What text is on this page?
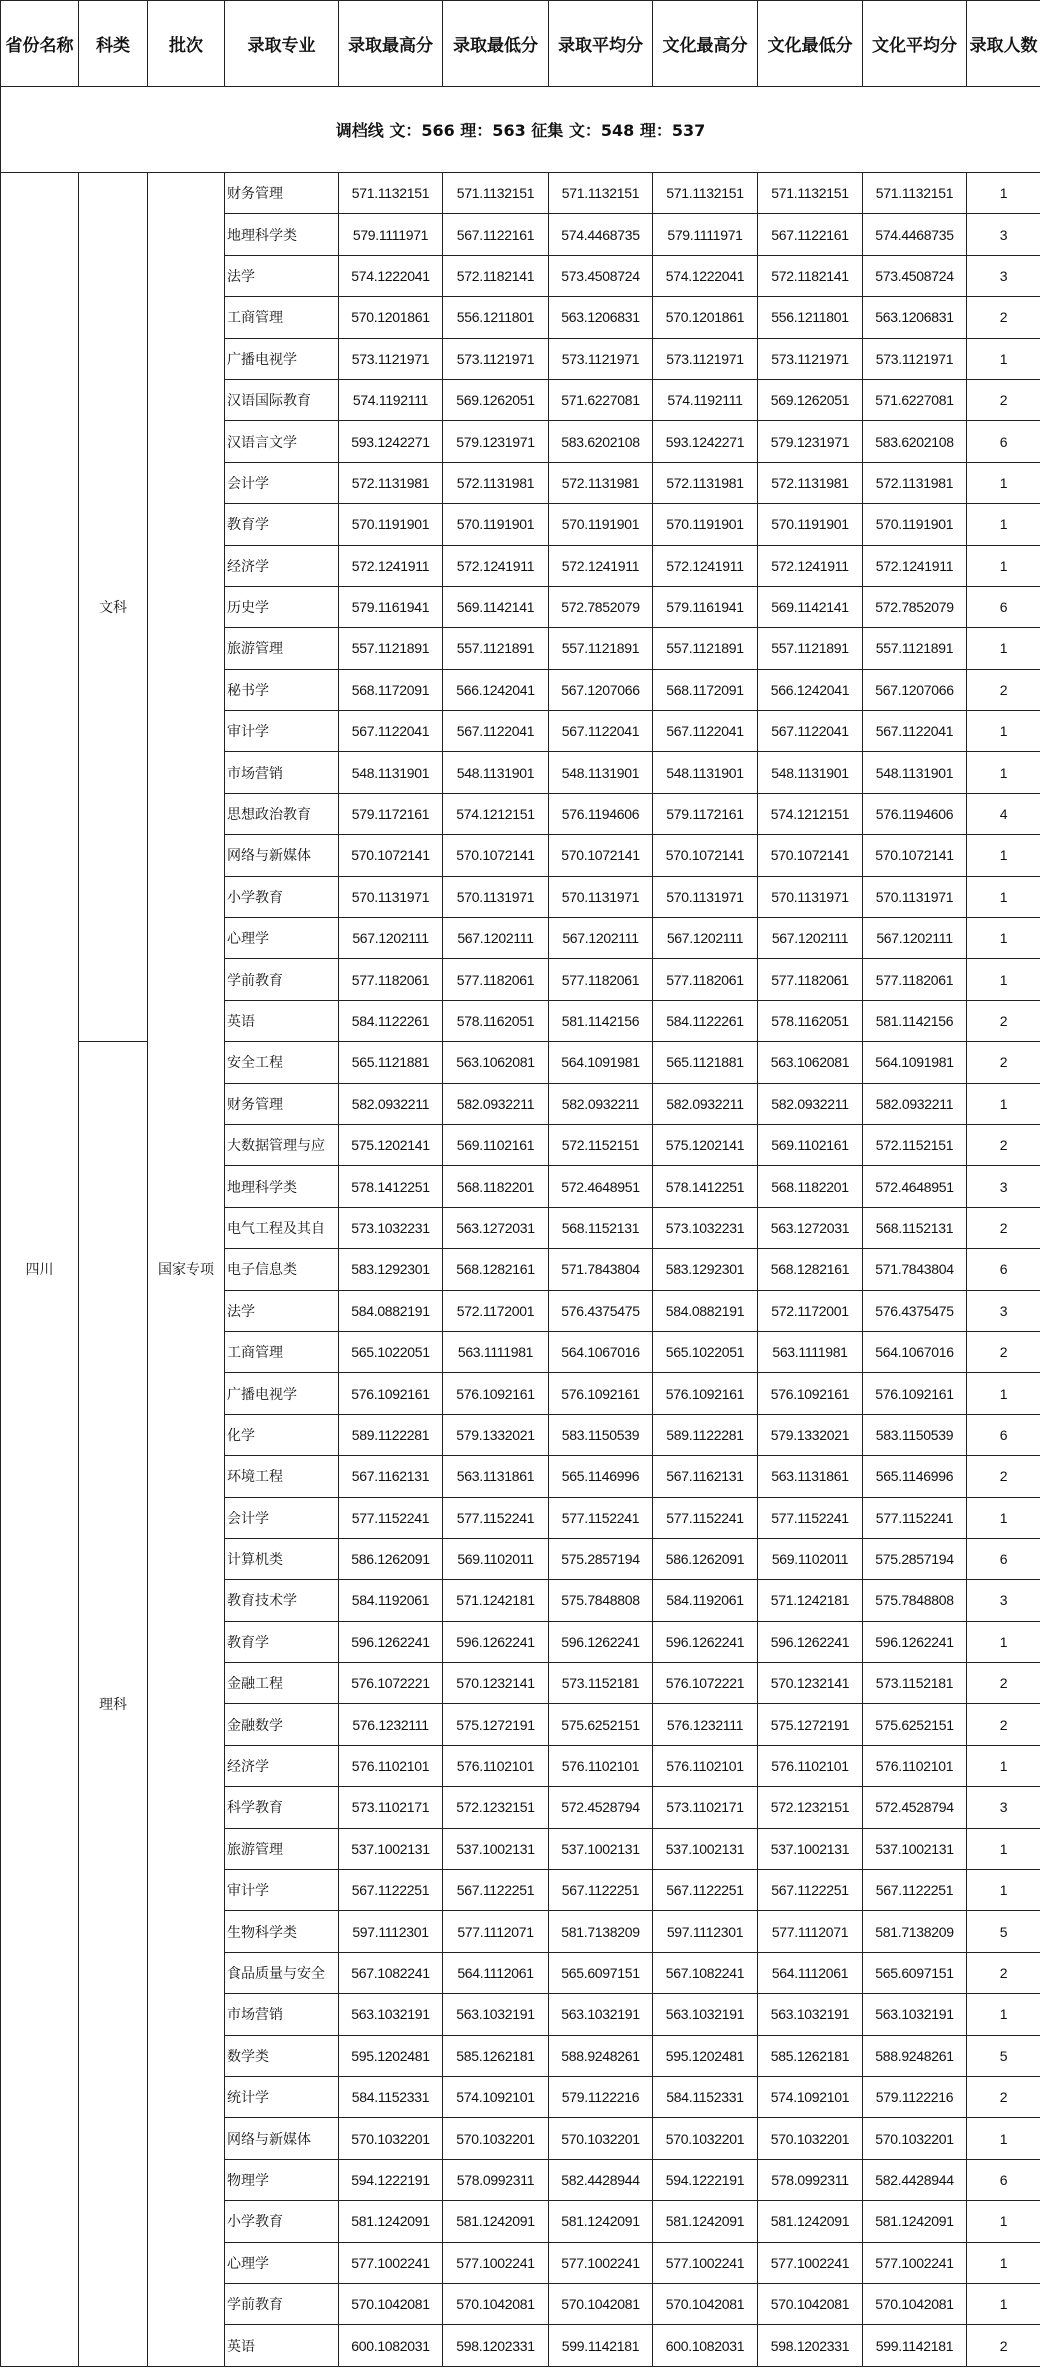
省份名称	科类	批次	录取专业	录取最高分	录取最低分	录取平均分	文化最高分	文化最低分	文化平均分	录取人数
调档线 文：566 理：563 征集 文：548 理：537										
四川	文科	国家专项	财务管理	571.1132151	571.1132151	571.1132151	571.1132151	571.1132151	571.1132151	1
			地理科学类	579.1111971	567.1122161	574.4468735	579.1111971	567.1122161	574.4468735	3
			法学	574.1222041	572.1182141	573.4508724	574.1222041	572.1182141	573.4508724	3
			工商管理	570.1201861	556.1211801	563.1206831	570.1201861	556.1211801	563.1206831	2
			广播电视学	573.1121971	573.1121971	573.1121971	573.1121971	573.1121971	573.1121971	1
			汉语国际教育	574.1192111	569.1262051	571.6227081	574.1192111	569.1262051	571.6227081	2
			汉语言文学	593.1242271	579.1231971	583.6202108	593.1242271	579.1231971	583.6202108	6
			会计学	572.1131981	572.1131981	572.1131981	572.1131981	572.1131981	572.1131981	1
			教育学	570.1191901	570.1191901	570.1191901	570.1191901	570.1191901	570.1191901	1
			经济学	572.1241911	572.1241911	572.1241911	572.1241911	572.1241911	572.1241911	1
			历史学	579.1161941	569.1142141	572.7852079	579.1161941	569.1142141	572.7852079	6
			旅游管理	557.1121891	557.1121891	557.1121891	557.1121891	557.1121891	557.1121891	1
			秘书学	568.1172091	566.1242041	567.1207066	568.1172091	566.1242041	567.1207066	2
			审计学	567.1122041	567.1122041	567.1122041	567.1122041	567.1122041	567.1122041	1
			市场营销	548.1131901	548.1131901	548.1131901	548.1131901	548.1131901	548.1131901	1
			思想政治教育	579.1172161	574.1212151	576.1194606	579.1172161	574.1212151	576.1194606	4
			网络与新媒体	570.1072141	570.1072141	570.1072141	570.1072141	570.1072141	570.1072141	1
			小学教育	570.1131971	570.1131971	570.1131971	570.1131971	570.1131971	570.1131971	1
			心理学	567.1202111	567.1202111	567.1202111	567.1202111	567.1202111	567.1202111	1
			学前教育	577.1182061	577.1182061	577.1182061	577.1182061	577.1182061	577.1182061	1
			英语	584.1122261	578.1162051	581.1142156	584.1122261	578.1162051	581.1142156	2
	理科		安全工程	565.1121881	563.1062081	564.1091981	565.1121881	563.1062081	564.1091981	2
			财务管理	582.0932211	582.0932211	582.0932211	582.0932211	582.0932211	582.0932211	1
			大数据管理与应	575.1202141	569.1102161	572.1152151	575.1202141	569.1102161	572.1152151	2
			地理科学类	578.1412251	568.1182201	572.4648951	578.1412251	568.1182201	572.4648951	3
			电气工程及其自	573.1032231	563.1272031	568.1152131	573.1032231	563.1272031	568.1152131	2
			电子信息类	583.1292301	568.1282161	571.7843804	583.1292301	568.1282161	571.7843804	6
			法学	584.0882191	572.1172001	576.4375475	584.0882191	572.1172001	576.4375475	3
			工商管理	565.1022051	563.1111981	564.1067016	565.1022051	563.1111981	564.1067016	2
			广播电视学	576.1092161	576.1092161	576.1092161	576.1092161	576.1092161	576.1092161	1
			化学	589.1122281	579.1332021	583.1150539	589.1122281	579.1332021	583.1150539	6
			环境工程	567.1162131	563.1131861	565.1146996	567.1162131	563.1131861	565.1146996	2
			会计学	577.1152241	577.1152241	577.1152241	577.1152241	577.1152241	577.1152241	1
			计算机类	586.1262091	569.1102011	575.2857194	586.1262091	569.1102011	575.2857194	6
			教育技术学	584.1192061	571.1242181	575.7848808	584.1192061	571.1242181	575.7848808	3
			教育学	596.1262241	596.1262241	596.1262241	596.1262241	596.1262241	596.1262241	1
			金融工程	576.1072221	570.1232141	573.1152181	576.1072221	570.1232141	573.1152181	2
			金融数学	576.1232111	575.1272191	575.6252151	576.1232111	575.1272191	575.6252151	2
			经济学	576.1102101	576.1102101	576.1102101	576.1102101	576.1102101	576.1102101	1
			科学教育	573.1102171	572.1232151	572.4528794	573.1102171	572.1232151	572.4528794	3
			旅游管理	537.1002131	537.1002131	537.1002131	537.1002131	537.1002131	537.1002131	1
			审计学	567.1122251	567.1122251	567.1122251	567.1122251	567.1122251	567.1122251	1
			生物科学类	597.1112301	577.1112071	581.7138209	597.1112301	577.1112071	581.7138209	5
			食品质量与安全	567.1082241	564.1112061	565.6097151	567.1082241	564.1112061	565.6097151	2
			市场营销	563.1032191	563.1032191	563.1032191	563.1032191	563.1032191	563.1032191	1
			数学类	595.1202481	585.1262181	588.9248261	595.1202481	585.1262181	588.9248261	5
			统计学	584.1152331	574.1092101	579.1122216	584.1152331	574.1092101	579.1122216	2
			网络与新媒体	570.1032201	570.1032201	570.1032201	570.1032201	570.1032201	570.1032201	1
			物理学	594.1222191	578.0992311	582.4428944	594.1222191	578.0992311	582.4428944	6
			小学教育	581.1242091	581.1242091	581.1242091	581.1242091	581.1242091	581.1242091	1
			心理学	577.1002241	577.1002241	577.1002241	577.1002241	577.1002241	577.1002241	1
			学前教育	570.1042081	570.1042081	570.1042081	570.1042081	570.1042081	570.1042081	1
			英语	600.1082031	598.1202331	599.1142181	600.1082031	598.1202331	599.1142181	2
